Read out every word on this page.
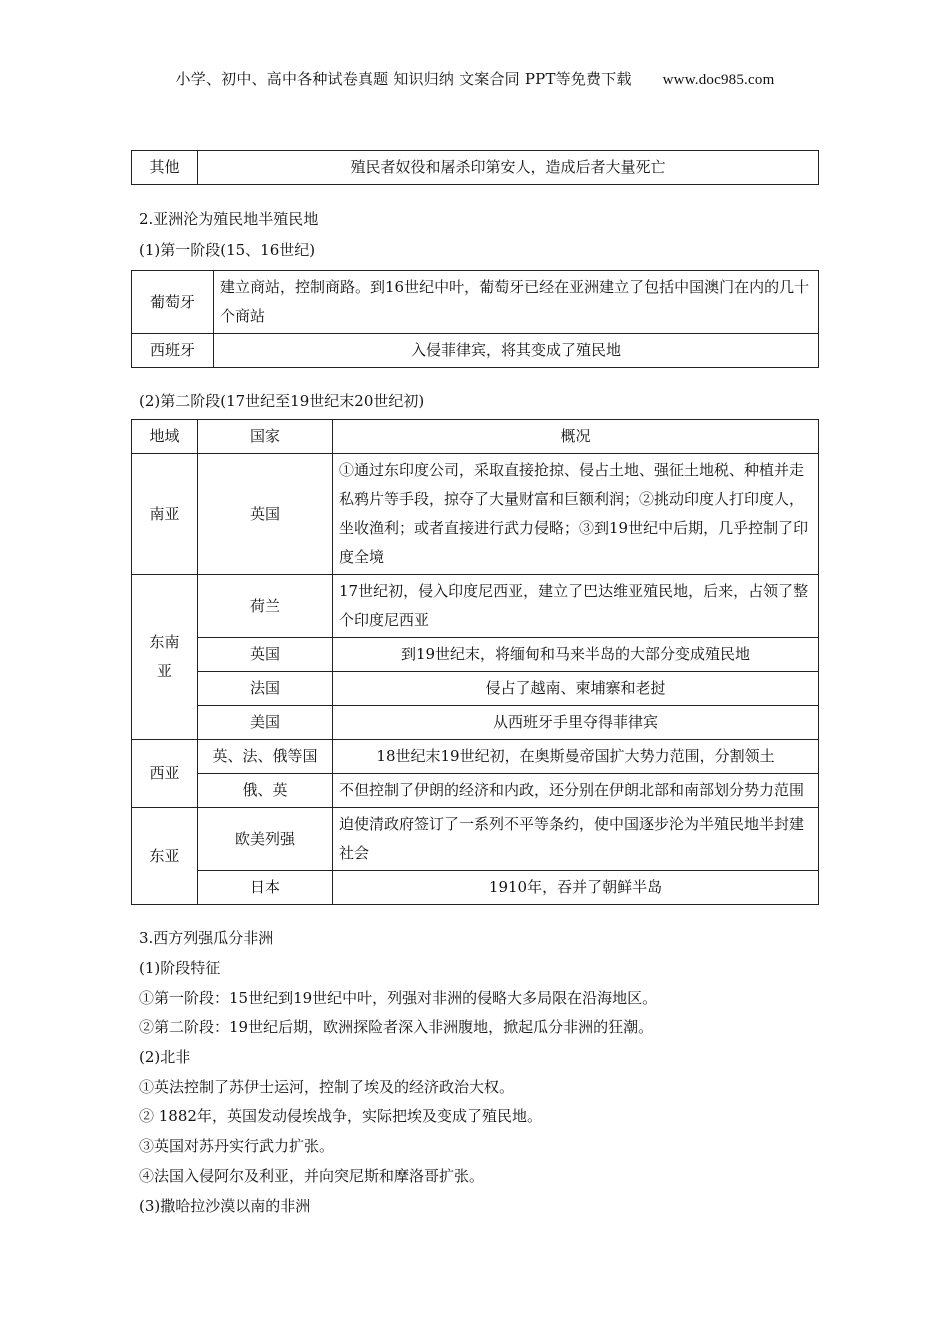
小学、初中、高中各种试卷真题 知识归纳 文案合同 PPT等免费下载 www.doc985.com
其他	殖民者奴役和屠杀印第安人，造成后者大量死亡
2.亚洲沦为殖民地半殖民地
(1)第一阶段(15、16世纪)
葡萄牙	建立商站，控制商路。到16世纪中叶，葡萄牙已经在亚洲建立了包括中国澳门在内的几十个商站
西班牙	入侵菲律宾，将其变成了殖民地
(2)第二阶段(17世纪至19世纪末20世纪初)
地域	国家	概况
南亚	英国	①通过东印度公司，采取直接抢掠、侵占土地、强征土地税、种植并走私鸦片等手段，掠夺了大量财富和巨额利润；②挑动印度人打印度人，坐收渔利；或者直接进行武力侵略；③到19世纪中后期，几乎控制了印度全境

东南亚	荷兰	17世纪初，侵入印度尼西亚，建立了巴达维亚殖民地，后来，占领了整个印度尼西亚
	英国	到19世纪末，将缅甸和马来半岛的大部分变成殖民地
	法国	侵占了越南、柬埔寨和老挝
	美国	从西班牙手里夺得菲律宾
西亚	英、法、俄等国	18世纪末19世纪初，在奥斯曼帝国扩大势力范围，分割领土
	俄、英	不但控制了伊朗的经济和内政，还分别在伊朗北部和南部划分势力范围
东亚	欧美列强	迫使清政府签订了一系列不平等条约，使中国逐步沦为半殖民地半封建社会
	日本	1910年，吞并了朝鲜半岛
3.西方列强瓜分非洲
(1)阶段特征
①第一阶段：15世纪到19世纪中叶，列强对非洲的侵略大多局限在沿海地区。
②第二阶段：19世纪后期，欧洲探险者深入非洲腹地，掀起瓜分非洲的狂潮。
(2)北非
①英法控制了苏伊士运河，控制了埃及的经济政治大权。
② 1882年，英国发动侵埃战争，实际把埃及变成了殖民地。
③英国对苏丹实行武力扩张。
④法国入侵阿尔及利亚，并向突尼斯和摩洛哥扩张。
(3)撒哈拉沙漠以南的非洲
